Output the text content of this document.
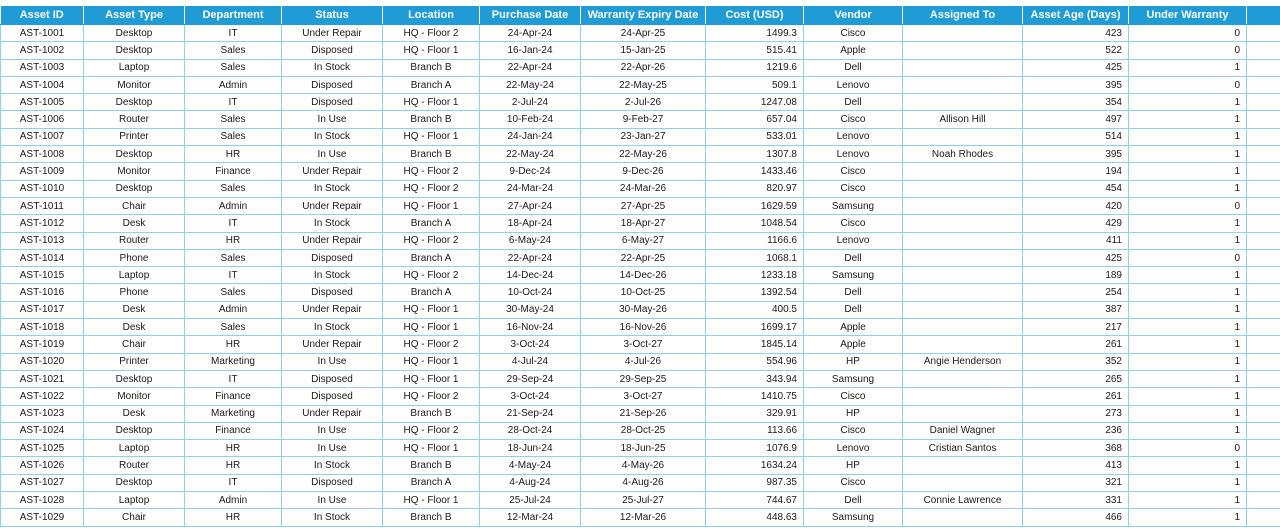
Asset ID	Asset Type	Department	Status	Location	Purchase Date	Warranty Expiry Date	Cost (USD)	Vendor	Assigned To	Asset Age (Days)	Under Warranty	
AST-1001	Desktop	IT	Under Repair	HQ - Floor 2	24-Apr-24	24-Apr-25	1499.3	Cisco		423	0	
AST-1002	Desktop	Sales	Disposed	HQ - Floor 1	16-Jan-24	15-Jan-25	515.41	Apple		522	0	
AST-1003	Laptop	Sales	In Stock	Branch B	22-Apr-24	22-Apr-26	1219.6	Dell		425	1	
AST-1004	Monitor	Admin	Disposed	Branch A	22-May-24	22-May-25	509.1	Lenovo		395	0	
AST-1005	Desktop	IT	Disposed	HQ - Floor 1	2-Jul-24	2-Jul-26	1247.08	Dell		354	1	
AST-1006	Router	Sales	In Use	Branch B	10-Feb-24	9-Feb-27	657.04	Cisco	Allison Hill	497	1	
AST-1007	Printer	Sales	In Stock	HQ - Floor 1	24-Jan-24	23-Jan-27	533.01	Lenovo		514	1	
AST-1008	Desktop	HR	In Use	Branch B	22-May-24	22-May-26	1307.8	Lenovo	Noah Rhodes	395	1	
AST-1009	Monitor	Finance	Under Repair	HQ - Floor 2	9-Dec-24	9-Dec-26	1433.46	Cisco		194	1	
AST-1010	Desktop	Sales	In Stock	HQ - Floor 2	24-Mar-24	24-Mar-26	820.97	Cisco		454	1	
AST-1011	Chair	Admin	Under Repair	HQ - Floor 1	27-Apr-24	27-Apr-25	1629.59	Samsung		420	0	
AST-1012	Desk	IT	In Stock	Branch A	18-Apr-24	18-Apr-27	1048.54	Cisco		429	1	
AST-1013	Router	HR	Under Repair	HQ - Floor 2	6-May-24	6-May-27	1166.6	Lenovo		411	1	
AST-1014	Phone	Sales	Disposed	Branch A	22-Apr-24	22-Apr-25	1068.1	Dell		425	0	
AST-1015	Laptop	IT	In Stock	HQ - Floor 2	14-Dec-24	14-Dec-26	1233.18	Samsung		189	1	
AST-1016	Phone	Sales	Disposed	Branch A	10-Oct-24	10-Oct-25	1392.54	Dell		254	1	
AST-1017	Desk	Admin	Under Repair	HQ - Floor 1	30-May-24	30-May-26	400.5	Dell		387	1	
AST-1018	Desk	Sales	In Stock	HQ - Floor 1	16-Nov-24	16-Nov-26	1699.17	Apple		217	1	
AST-1019	Chair	HR	Under Repair	HQ - Floor 2	3-Oct-24	3-Oct-27	1845.14	Apple		261	1	
AST-1020	Printer	Marketing	In Use	HQ - Floor 1	4-Jul-24	4-Jul-26	554.96	HP	Angie Henderson	352	1	
AST-1021	Desktop	IT	Disposed	HQ - Floor 1	29-Sep-24	29-Sep-25	343.94	Samsung		265	1	
AST-1022	Monitor	Finance	Disposed	HQ - Floor 2	3-Oct-24	3-Oct-27	1410.75	Cisco		261	1	
AST-1023	Desk	Marketing	Under Repair	Branch B	21-Sep-24	21-Sep-26	329.91	HP		273	1	
AST-1024	Desktop	Finance	In Use	HQ - Floor 2	28-Oct-24	28-Oct-25	113.66	Cisco	Daniel Wagner	236	1	
AST-1025	Laptop	HR	In Use	HQ - Floor 1	18-Jun-24	18-Jun-25	1076.9	Lenovo	Cristian Santos	368	0	
AST-1026	Router	HR	In Stock	Branch B	4-May-24	4-May-26	1634.24	HP		413	1	
AST-1027	Desktop	IT	Disposed	Branch A	4-Aug-24	4-Aug-26	987.35	Cisco		321	1	
AST-1028	Laptop	Admin	In Use	HQ - Floor 1	25-Jul-24	25-Jul-27	744.67	Dell	Connie Lawrence	331	1	
AST-1029	Chair	HR	In Stock	Branch B	12-Mar-24	12-Mar-26	448.63	Samsung		466	1	
